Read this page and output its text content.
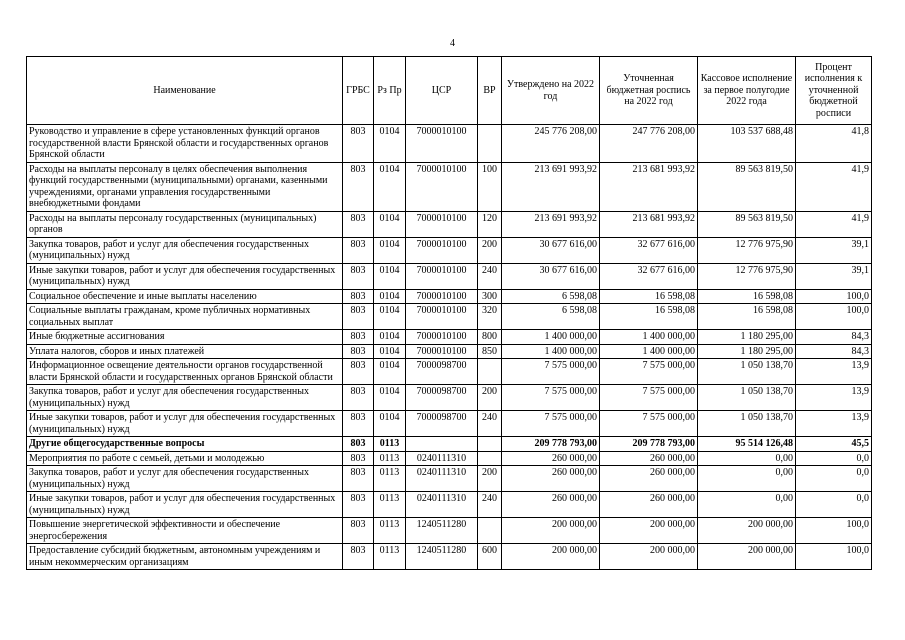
4
Наименование	ГРБС	Рз Пр	ЦСР	ВР	Утверждено на 2022 год	Уточненная бюджетная роспись на 2022 год	Кассовое исполнение за первое полугодие 2022 года	Процент исполнения к уточненной бюджетной росписи
Руководство и управление в сфере установленных функций органов государственной власти Брянской области и государственных органов Брянской области	803	0104	7000010100		245 776 208,00	247 776 208,00	103 537 688,48	41,8
Расходы на выплаты персоналу в целях обеспечения выполнения функций государственными (муниципальными) органами, казенными учреждениями, органами управления государственными внебюджетными фондами	803	0104	7000010100	100	213 691 993,92	213 681 993,92	89 563 819,50	41,9
Расходы на выплаты персоналу государственных (муниципальных) органов	803	0104	7000010100	120	213 691 993,92	213 681 993,92	89 563 819,50	41,9
Закупка товаров, работ и услуг для обеспечения государственных (муниципальных) нужд	803	0104	7000010100	200	30 677 616,00	32 677 616,00	12 776 975,90	39,1
Иные закупки товаров, работ и услуг для обеспечения государственных (муниципальных) нужд	803	0104	7000010100	240	30 677 616,00	32 677 616,00	12 776 975,90	39,1
Социальное обеспечение и иные выплаты населению	803	0104	7000010100	300	6 598,08	16 598,08	16 598,08	100,0
Социальные выплаты гражданам, кроме публичных нормативных социальных выплат	803	0104	7000010100	320	6 598,08	16 598,08	16 598,08	100,0
Иные бюджетные ассигнования	803	0104	7000010100	800	1 400 000,00	1 400 000,00	1 180 295,00	84,3
Уплата налогов, сборов и иных платежей	803	0104	7000010100	850	1 400 000,00	1 400 000,00	1 180 295,00	84,3
Информационное освещение деятельности органов государственной власти Брянской области и государственных органов Брянской области	803	0104	7000098700		7 575 000,00	7 575 000,00	1 050 138,70	13,9
Закупка товаров, работ и услуг для обеспечения государственных (муниципальных) нужд	803	0104	7000098700	200	7 575 000,00	7 575 000,00	1 050 138,70	13,9
Иные закупки товаров, работ и услуг для обеспечения государственных (муниципальных) нужд	803	0104	7000098700	240	7 575 000,00	7 575 000,00	1 050 138,70	13,9
Другие общегосударственные вопросы	803	0113			209 778 793,00	209 778 793,00	95 514 126,48	45,5
Мероприятия по работе с семьей, детьми и молодежью	803	0113	0240111310		260 000,00	260 000,00	0,00	0,0
Закупка товаров, работ и услуг для обеспечения государственных (муниципальных) нужд	803	0113	0240111310	200	260 000,00	260 000,00	0,00	0,0
Иные закупки товаров, работ и услуг для обеспечения государственных (муниципальных) нужд	803	0113	0240111310	240	260 000,00	260 000,00	0,00	0,0
Повышение энергетической эффективности и обеспечение энергосбережения	803	0113	1240511280		200 000,00	200 000,00	200 000,00	100,0
Предоставление субсидий бюджетным, автономным учреждениям и иным некоммерческим организациям	803	0113	1240511280	600	200 000,00	200 000,00	200 000,00	100,0
